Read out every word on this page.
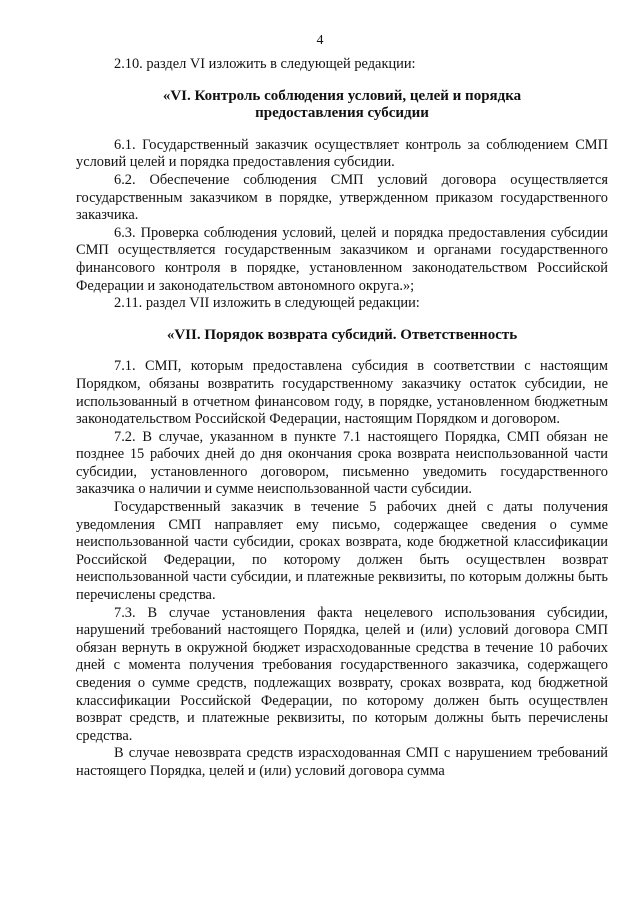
4

2.10. раздел VI изложить в следующей редакции:

«VI. Контроль соблюдения условий, целей и порядка

предоставления субсидии

6.1. Государственный заказчик осуществляет контроль за соблюдением СМП условий целей и порядка предоставления субсидии.

6.2. Обеспечение соблюдения СМП условий договора осуществляется государственным заказчиком в порядке, утвержденном приказом государственного заказчика.

6.3. Проверка соблюдения условий, целей и порядка предоставления субсидии СМП осуществляется государственным заказчиком и органами государственного финансового контроля в порядке, установленном законодательством Российской Федерации и законодательством автономного округа.»;

2.11. раздел VII изложить в следующей редакции:

«VII. Порядок возврата субсидий. Ответственность

7.1. СМП, которым предоставлена субсидия в соответствии с настоящим Порядком, обязаны возвратить государственному заказчику остаток субсидии, не использованный в отчетном финансовом году, в порядке, установленном бюджетным законодательством Российской Федерации, настоящим Порядком и договором.

7.2. В случае, указанном в пункте 7.1 настоящего Порядка, СМП обязан не позднее 15 рабочих дней до дня окончания срока возврата неиспользованной части субсидии, установленного договором, письменно уведомить государственного заказчика о наличии и сумме неиспользованной части субсидии.

Государственный заказчик в течение 5 рабочих дней с даты получения уведомления СМП направляет ему письмо, содержащее сведения о сумме неиспользованной части субсидии, сроках возврата, коде бюджетной классификации Российской Федерации, по которому должен быть осуществлен возврат неиспользованной части субсидии, и платежные реквизиты, по которым должны быть перечислены средства.

7.3. В случае установления факта нецелевого использования субсидии, нарушений требований настоящего Порядка, целей и (или) условий договора СМП обязан вернуть в окружной бюджет израсходованные средства в течение 10 рабочих дней с момента получения требования государственного заказчика, содержащего сведения о сумме средств, подлежащих возврату, сроках возврата, код бюджетной классификации Российской Федерации, по которому должен быть осуществлен возврат средств, и платежные реквизиты, по которым должны быть перечислены средства.

В случае невозврата средств израсходованная СМП с нарушением требований настоящего Порядка, целей и (или) условий договора сумма
